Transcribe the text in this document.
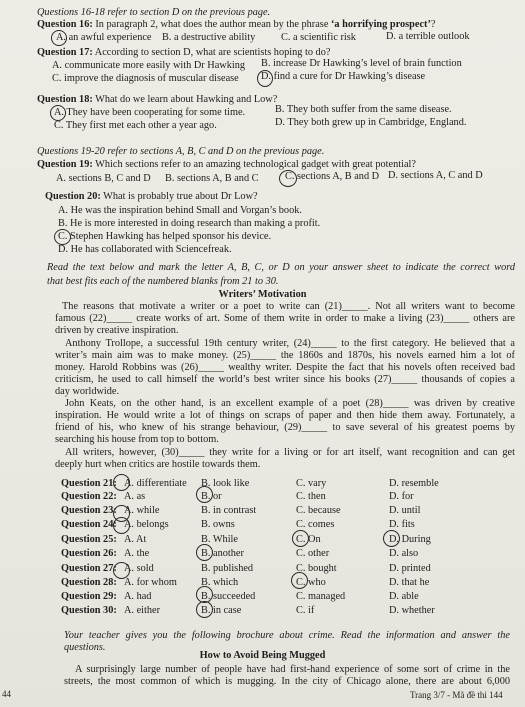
Questions 16-18 refer to section D on the previous page.
Question 16: In paragraph 2, what does the author mean by the phrase ‘a horrifying prospect’?
A. an awful experience B. a destructive ability	C. a scientific risk	D. a terrible outlook
Question 17: According to section D, what are scientists hoping to do?
A. communicate more easily with Dr Hawking B. increase Dr Hawking’s level of brain function
C. improve the diagnosis of muscular disease D. find a cure for Dr Hawking’s disease
Question 18: What do we learn about Hawking and Low?
A. They have been cooperating for some time.	B. They both suffer from the same disease.
C. They first met each other a year ago.	D. They both grew up in Cambridge, England.
Questions 19-20 refer to sections A, B, C and D on the previous page.
Question 19: Which sections refer to an amazing technological gadget with great potential?
A. sections B, C and D B. sections A, B and C	C. sections A, B and D D. sections A, C and D
Question 20: What is probably true about Dr Low?
A. He was the inspiration behind Small and Vorgan’s book.
B. He is more interested in doing research than making a profit.
C. Stephen Hawking has helped sponsor his device.
D. He has collaborated with Sciencefreak.
Read the text below and mark the letter A, B, C, or D on your answer sheet to indicate the correct word
that best fits each of the numbered blanks from 21 to 30.
Writers’ Motivation
The reasons that motivate a writer or a poet to write can (21)_____. Not all writers want to become
famous (22)_____ create works of art. Some of them write in order to make a living (23)_____ others are
driven by creative inspiration.
Anthony Trollope, a successful 19th century writer, (24)_____ to the first category. He believed that a
writer’s main aim was to make money. (25)_____ the 1860s and 1870s, his novels earned him a lot of
money. Harold Robbins was (26)_____ wealthy writer. Despite the fact that his novels often received bad
criticism, he used to call himself the world’s best writer since his books (27)_____ thousands of copies a
day worldwide.
John Keats, on the other hand, is an excellent example of a poet (28)_____ was driven by creative
inspiration. He would write a lot of things on scraps of paper and then hide them away. Fortunately, a
friend of his, who knew of his strange behaviour, (29)_____ to save several of his greatest poems by
searching his house from top to bottom.
All writers, however, (30)_____ they write for a living or for art itself, want recognition and can get
deeply hurt when critics are hostile towards them.
Question 21: A. differentiate B. look like	C. vary	D. resemble
Question 22: A. as	B. or	C. then	D. for
Question 23: A. while	B. in contrast	C. because	D. until
Question 24: A. belongs	B. owns	C. comes	D. fits
Question 25: A. At	B. While	C. On	D. During
Question 26: A. the	B. another	C. other	D. also
Question 27: A. sold	B. published	C. bought	D. printed
Question 28: A. for whom B. which	C. who	D. that he
Question 29: A. had	B. succeeded	C. managed	D. able
Question 30: A. either	B. in case	C. if	D. whether
Your teacher gives you the following brochure about crime. Read the information and answer the
questions.
How to Avoid Being Mugged
A surprisingly large number of people have had first-hand experience of some sort of crime in the
streets, the most common of which is mugging. In the city of Chicago alone, there are about 6,000
44	Trang 3/7 - Mã đề thi 144
